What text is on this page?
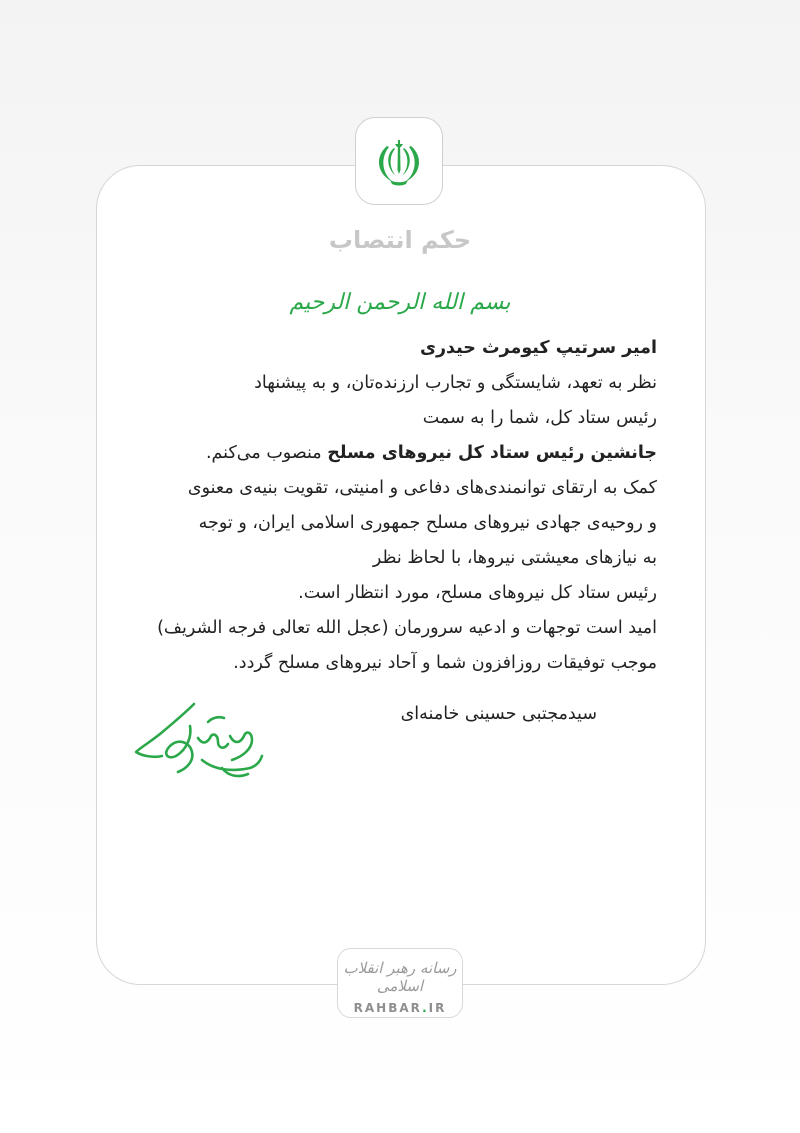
حکم انتصاب
بسم الله الرحمن الرحیم
امیر سرتیپ کیومرث حیدری
نظر به تعهد، شایستگی و تجارب ارزنده‌تان، و به پیشنهاد
رئیس ستاد کل، شما را به سمت
جانشین رئیس ستاد کل نیروهای مسلح منصوب می‌کنم.
کمک به ارتقای توانمندی‌های دفاعی و امنیتی، تقویت بنیه‌ی معنوی
و روحیه‌ی جهادی نیروهای مسلح جمهوری اسلامی ایران، و توجه
به نیازهای معیشتی نیروها، با لحاظ نظر
رئیس ستاد کل نیروهای مسلح، مورد انتظار است.
امید است توجهات و ادعیه سرورمان (عجل الله تعالی فرجه الشریف)
موجب توفیقات روزافزون شما و آحاد نیروهای مسلح گردد.
سیدمجتبی حسینی خامنه‌ای
رسانه رهبر انقلاب اسلامی
RAHBAR.IR
